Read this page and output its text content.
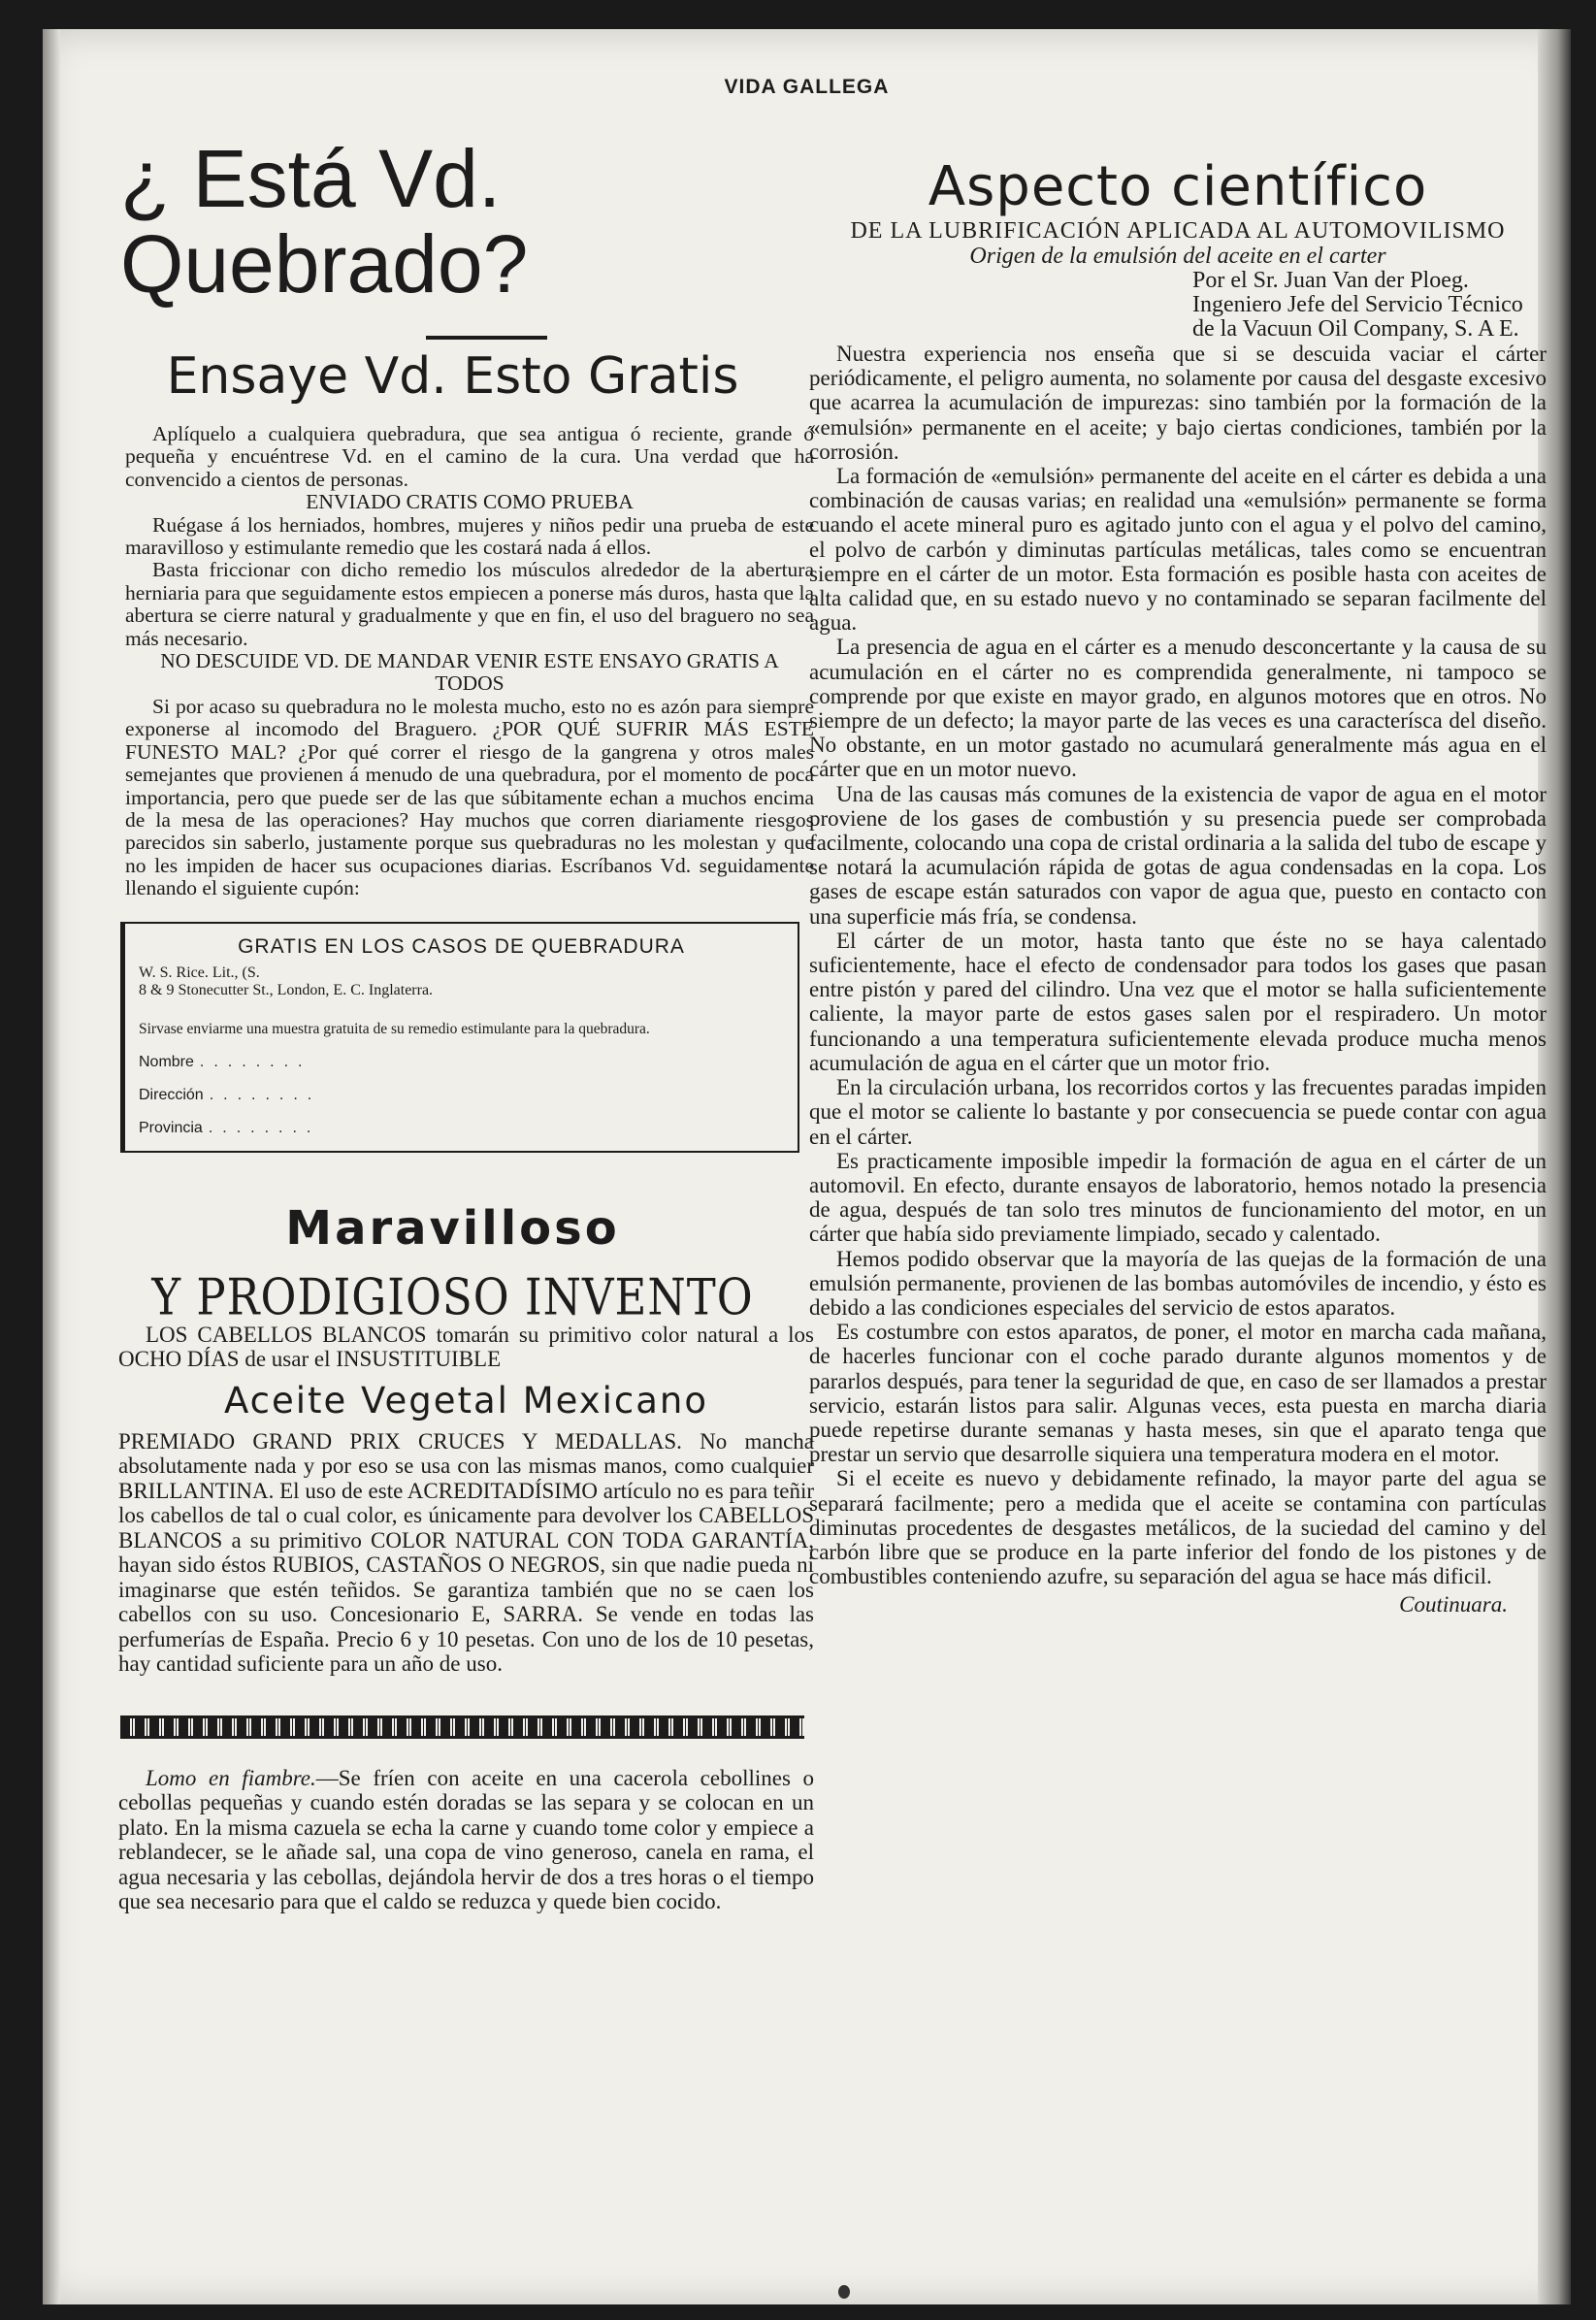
VIDA GALLEGA
¿ Está Vd.
Quebrado?
Ensaye Vd. Esto Gratis

Aplíquelo a cualquiera quebradura, que sea antigua ó reciente, grande ó pequeña y encuéntrese Vd. en el camino de la cura. Una verdad que ha convencido a cientos de personas.

ENVIADO CRATIS COMO PRUEBA

Ruégase á los herniados, hombres, mujeres y niños pedir una prueba de este maravilloso y estimulante remedio que les costará nada á ellos.

Basta friccionar con dicho remedio los músculos alrededor de la abertura herniaria para que seguidamente estos empiecen a ponerse más duros, hasta que la abertura se cierre natural y gradualmente y que en fin, el uso del braguero no sea más necesario.

NO DESCUIDE VD. DE MANDAR VENIR ESTE ENSAYO GRATIS A TODOS

Si por acaso su quebradura no le molesta mucho, esto no es azón para siempre exponerse al incomodo del Braguero. ¿POR QUÉ SUFRIR MÁS ESTE FUNESTO MAL? ¿Por qué correr el riesgo de la gangrena y otros males semejantes que provienen á menudo de una quebradura, por el momento de poca importancia, pero que puede ser de las que súbitamente echan a muchos encima de la mesa de las operaciones? Hay muchos que corren diariamente riesgos parecidos sin saberlo, justamente porque sus quebraduras no les molestan y que no les impiden de hacer sus ocupaciones diarias. Escríbanos Vd. seguidamente llenando el siguiente cupón:

GRATIS EN LOS CASOS DE QUEBRADURA
W. S. Rice. Lit., (S.
8 & 9 Stonecutter St., London, E. C. Inglaterra.
Sirvase enviarme una muestra gratuita de su remedio estimulante para la quebradura.
Nombre ........
Dirección ........
Provincia ........
Maravilloso
Y PRODIGIOSO INVENTO

LOS CABELLOS BLANCOS tomarán su primitivo color natural a los OCHO DÍAS de usar el INSUSTITUIBLE

Aceite Vegetal Mexicano

PREMIADO GRAND PRIX CRUCES Y MEDALLAS. No mancha absolutamente nada y por eso se usa con las mismas manos, como cualquier BRILLANTINA. El uso de este ACREDITADÍSIMO artículo no es para teñir los cabellos de tal o cual color, es únicamente para devolver los CABELLOS BLANCOS a su primitivo COLOR NATURAL CON TODA GARANTÍA, hayan sido éstos RUBIOS, CASTAÑOS O NEGROS, sin que nadie pueda ni imaginarse que estén teñidos. Se garantiza también que no se caen los cabellos con su uso. Concesionario E, SARRA. Se vende en todas las perfumerías de España. Precio 6 y 10 pesetas. Con uno de los de 10 pesetas, hay cantidad suficiente para un año de uso.

Lomo en fiambre.—Se fríen con aceite en una cacerola cebollines o cebollas pequeñas y cuando estén doradas se las separa y se colocan en un plato. En la misma cazuela se echa la carne y cuando tome color y empiece a reblandecer, se le añade sal, una copa de vino generoso, canela en rama, el agua necesaria y las cebollas, dejándola hervir de dos a tres horas o el tiempo que sea necesario para que el caldo se reduzca y quede bien cocido.

Aspecto científico
DE LA LUBRIFICACIÓN APLICADA AL AUTOMOVILISMO
Origen de la emulsión del aceite en el carter
Por el Sr. Juan Van der Ploeg.
Ingeniero Jefe del Servicio Técnico de la Vacuun Oil Company, S. A E.

Nuestra experiencia nos enseña que si se descuida vaciar el cárter periódicamente, el peligro aumenta, no solamente por causa del desgaste excesivo que acarrea la acumulación de impurezas: sino también por la formación de la «emulsión» permanente en el aceite; y bajo ciertas condiciones, también por la corrosión.

La formación de «emulsión» permanente del aceite en el cárter es debida a una combinación de causas varias; en realidad una «emulsión» permanente se forma cuando el acete mineral puro es agitado junto con el agua y el polvo del camino, el polvo de carbón y diminutas partículas metálicas, tales como se encuentran siempre en el cárter de un motor. Esta formación es posible hasta con aceites de alta calidad que, en su estado nuevo y no contaminado se separan facilmente del agua.

La presencia de agua en el cárter es a menudo desconcertante y la causa de su acumulación en el cárter no es comprendida generalmente, ni tampoco se comprende por que existe en mayor grado, en algunos motores que en otros. No siempre de un defecto; la mayor parte de las veces es una caracterísca del diseño. No obstante, en un motor gastado no acumulará generalmente más agua en el cárter que en un motor nuevo.

Una de las causas más comunes de la existencia de vapor de agua en el motor proviene de los gases de combustión y su presencia puede ser comprobada facilmente, colocando una copa de cristal ordinaria a la salida del tubo de escape y se notará la acumulación rápida de gotas de agua condensadas en la copa. Los gases de escape están saturados con vapor de agua que, puesto en contacto con una superficie más fría, se condensa.

El cárter de un motor, hasta tanto que éste no se haya calentado suficientemente, hace el efecto de condensador para todos los gases que pasan entre pistón y pared del cilindro. Una vez que el motor se halla suficientemente caliente, la mayor parte de estos gases salen por el respiradero. Un motor funcionando a una temperatura suficientemente elevada produce mucha menos acumulación de agua en el cárter que un motor frio.

En la circulación urbana, los recorridos cortos y las frecuentes paradas impiden que el motor se caliente lo bastante y por consecuencia se puede contar con agua en el cárter.

Es practicamente imposible impedir la formación de agua en el cárter de un automovil. En efecto, durante ensayos de laboratorio, hemos notado la presencia de agua, después de tan solo tres minutos de funcionamiento del motor, en un cárter que había sido previamente limpiado, secado y calentado.

Hemos podido observar que la mayoría de las quejas de la formación de una emulsión permanente, provienen de las bombas automóviles de incendio, y ésto es debido a las condiciones especiales del servicio de estos aparatos.

Es costumbre con estos aparatos, de poner, el motor en marcha cada mañana, de hacerles funcionar con el coche parado durante algunos momentos y de pararlos después, para tener la seguridad de que, en caso de ser llamados a prestar servicio, estarán listos para salir. Algunas veces, esta puesta en marcha diaria puede repetirse durante semanas y hasta meses, sin que el aparato tenga que prestar un servio que desarrolle siquiera una temperatura modera en el motor.

Si el eceite es nuevo y debidamente refinado, la mayor parte del agua se separará facilmente; pero a medida que el aceite se contamina con partículas diminutas procedentes de desgastes metálicos, de la suciedad del camino y del carbón libre que se produce en la parte inferior del fondo de los pistones y de combustibles conteniendo azufre, su separación del agua se hace más dificil.

Coutinuara.
